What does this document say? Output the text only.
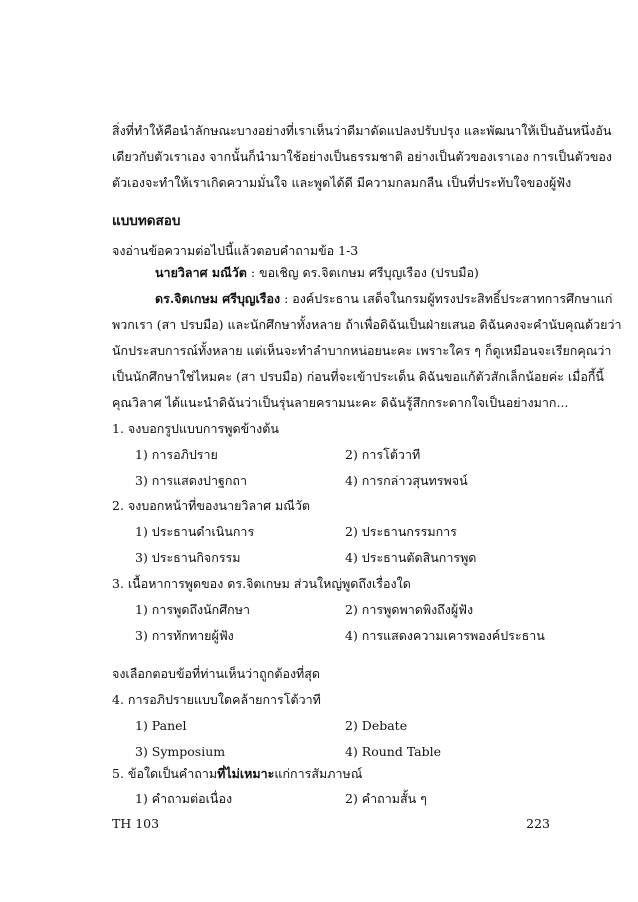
สิ่งที่ทำให้คือนำลักษณะบางอย่างที่เราเห็นว่าดีมาดัดแปลงปรับปรุง และพัฒนาให้เป็นอันหนึ่งอัน
เดียวกับตัวเราเอง จากนั้นก็นำมาใช้อย่างเป็นธรรมชาติ อย่างเป็นตัวของเราเอง การเป็นตัวของ
ตัวเองจะทำให้เราเกิดความมั่นใจ และพูดได้ดี มีความกลมกลืน เป็นที่ประทับใจของผู้ฟัง
แบบทดสอบ
จงอ่านข้อความต่อไปนี้แล้วตอบคำถามข้อ 1-3
นายวิลาศ มณีวัต : ขอเชิญ ดร.จิตเกษม ศรีบุญเรือง (ปรบมือ)
ดร.จิตเกษม ศรีบุญเรือง : องค์ประธาน เสด็จในกรมผู้ทรงประสิทธิ์ประสาทการศึกษาแก่
พวกเรา (สา ปรบมือ) และนักศึกษาทั้งหลาย ถ้าเพื่อดิฉันเป็นฝ่ายเสนอ ดิฉันคงจะคำนับคุณด้วยว่า
นักประสบการณ์ทั้งหลาย แต่เห็นจะทำลำบากหน่อยนะคะ เพราะใคร ๆ ก็ดูเหมือนจะเรียกคุณว่า
เป็นนักศึกษาใช่ไหมคะ (สา ปรบมือ) ก่อนที่จะเข้าประเด็น ดิฉันขอแก้ตัวสักเล็กน้อยค่ะ เมื่อกี้นี้
คุณวิลาศ ได้แนะนำดิฉันว่าเป็นรุ่นลายครามนะคะ ดิฉันรู้สึกกระดากใจเป็นอย่างมาก...
1. จงบอกรูปแบบการพูดข้างต้น
1) การอภิปราย	2) การโต้วาที
3) การแสดงปาฐกถา	4) การกล่าวสุนทรพจน์
2. จงบอกหน้าที่ของนายวิลาศ มณีวัต
1) ประธานดำเนินการ	2) ประธานกรรมการ
3) ประธานกิจกรรม	4) ประธานตัดสินการพูด
3. เนื้อหาการพูดของ ดร.จิตเกษม ส่วนใหญ่พูดถึงเรื่องใด
1) การพูดถึงนักศึกษา	2) การพูดพาดพิงถึงผู้ฟัง
3) การทักทายผู้ฟัง	4) การแสดงความเคารพองค์ประธาน
จงเลือกตอบข้อที่ท่านเห็นว่าถูกต้องที่สุด
4. การอภิปรายแบบใดคล้ายการโต้วาที
1) Panel	2) Debate
3) Symposium	4) Round Table
5. ข้อใดเป็นคำถามที่ไม่เหมาะแก่การสัมภาษณ์
1) คำถามต่อเนื่อง	2) คำถามสั้น ๆ
TH 103	223
